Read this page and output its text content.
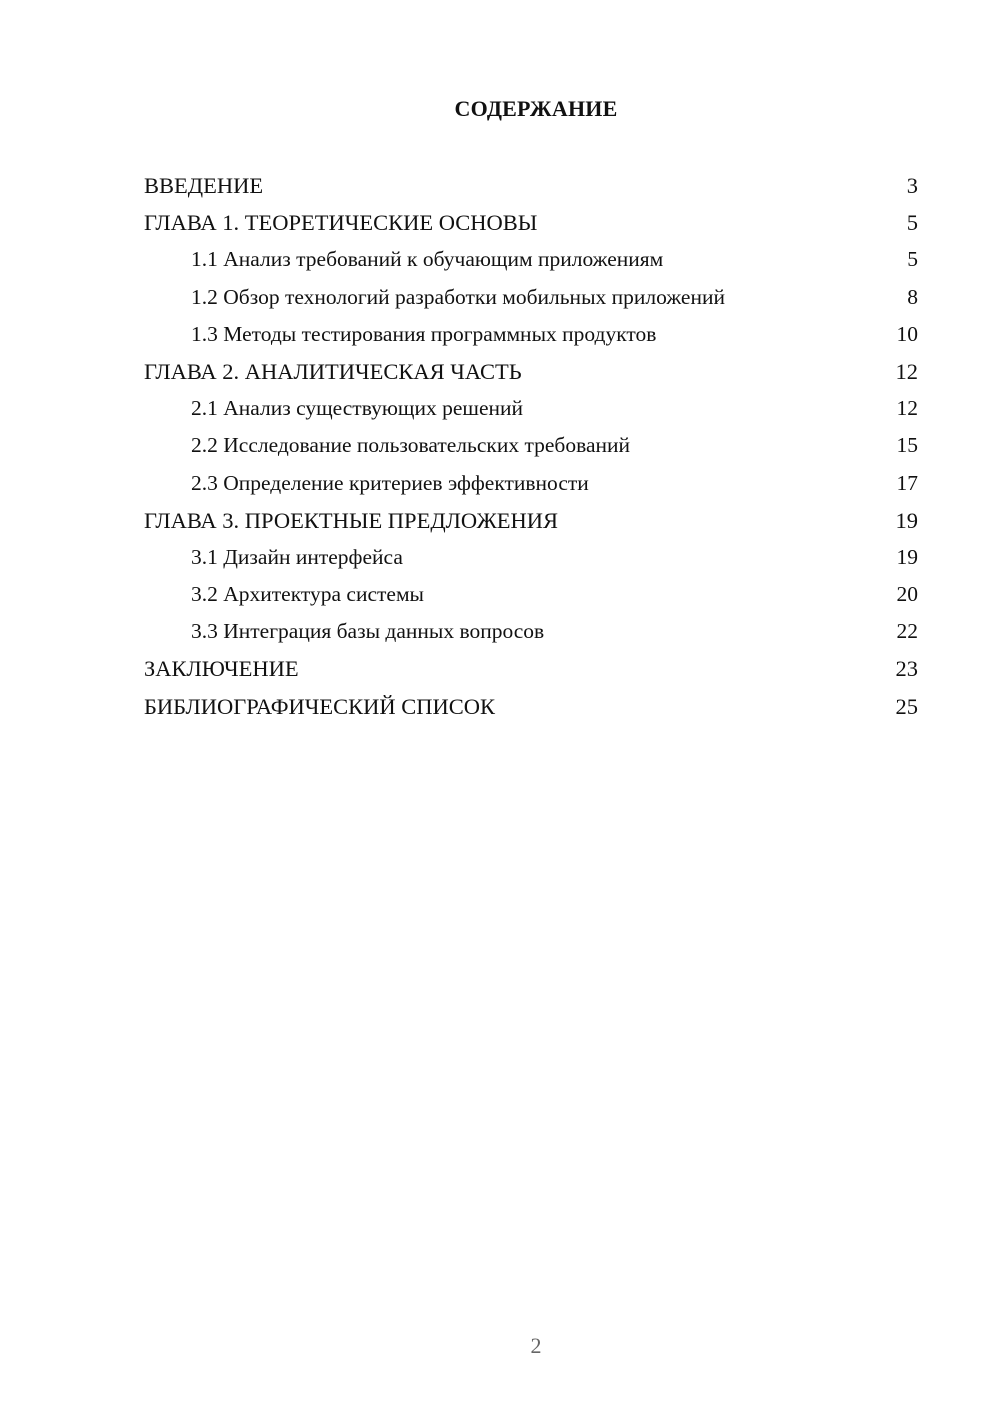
СОДЕРЖАНИЕ
ВВЕДЕНИЕ	3
ГЛАВА 1. ТЕОРЕТИЧЕСКИЕ ОСНОВЫ	5
1.1 Анализ требований к обучающим приложениям	5
1.2 Обзор технологий разработки мобильных приложений	8
1.3 Методы тестирования программных продуктов	10
ГЛАВА 2. АНАЛИТИЧЕСКАЯ ЧАСТЬ	12
2.1 Анализ существующих решений	12
2.2 Исследование пользовательских требований	15
2.3 Определение критериев эффективности	17
ГЛАВА 3. ПРОЕКТНЫЕ ПРЕДЛОЖЕНИЯ	19
3.1 Дизайн интерфейса	19
3.2 Архитектура системы	20
3.3 Интеграция базы данных вопросов	22
ЗАКЛЮЧЕНИЕ	23
БИБЛИОГРАФИЧЕСКИЙ СПИСОК	25
2
